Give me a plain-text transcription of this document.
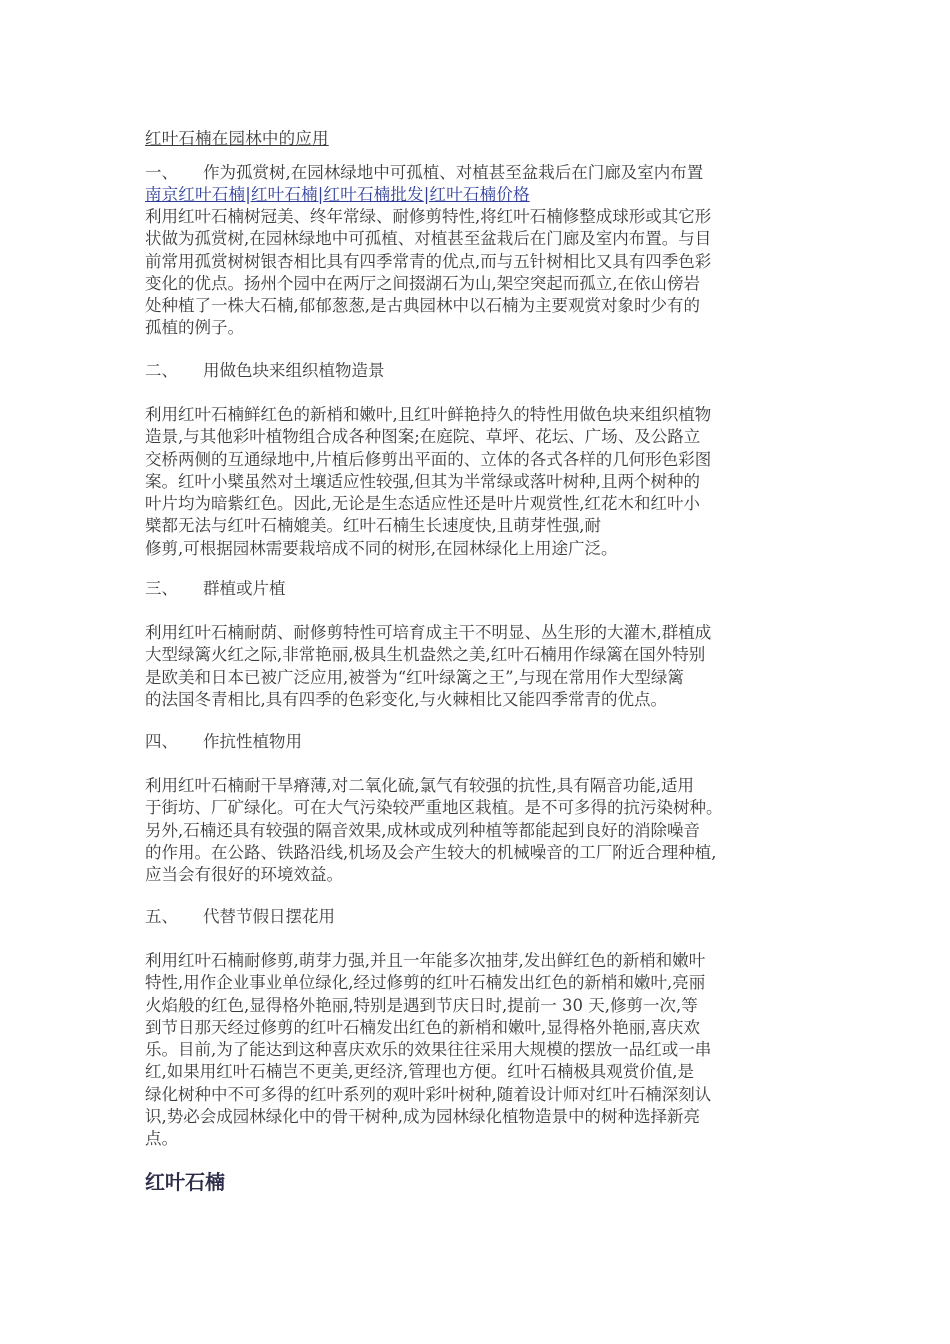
红叶石楠在园林中的应用
一、 作为孤赏树,在园林绿地中可孤植、对植甚至盆栽后在门廊及室内布置
南京红叶石楠|红叶石楠|红叶石楠批发|红叶石楠价格
利用红叶石楠树冠美、终年常绿、耐修剪特性,将红叶石楠修整成球形或其它形
状做为孤赏树,在园林绿地中可孤植、对植甚至盆栽后在门廊及室内布置。与目
前常用孤赏树树银杏相比具有四季常青的优点,而与五针树相比又具有四季色彩
变化的优点。扬州个园中在两厅之间掇湖石为山,架空突起而孤立,在依山傍岩
处种植了一株大石楠,郁郁葱葱,是古典园林中以石楠为主要观赏对象时少有的
孤植的例子。
二、 用做色块来组织植物造景
利用红叶石楠鲜红色的新梢和嫩叶,且红叶鲜艳持久的特性用做色块来组织植物
造景,与其他彩叶植物组合成各种图案;在庭院、草坪、花坛、广场、及公路立
交桥两侧的互通绿地中,片植后修剪出平面的、立体的各式各样的几何形色彩图
案。红叶小檗虽然对土壤适应性较强,但其为半常绿或落叶树种,且两个树种的
叶片均为暗紫红色。因此,无论是生态适应性还是叶片观赏性,红花木和红叶小
檗都无法与红叶石楠媲美。红叶石楠生长速度快,且萌芽性强,耐
修剪,可根据园林需要栽培成不同的树形,在园林绿化上用途广泛。
三、 群植或片植
利用红叶石楠耐荫、耐修剪特性可培育成主干不明显、丛生形的大灌木,群植成
大型绿篱火红之际,非常艳丽,极具生机盎然之美,红叶石楠用作绿篱在国外特别
是欧美和日本已被广泛应用,被誉为“红叶绿篱之王”,与现在常用作大型绿篱
的法国冬青相比,具有四季的色彩变化,与火棘相比又能四季常青的优点。
四、 作抗性植物用
利用红叶石楠耐干旱瘠薄,对二氧化硫,氯气有较强的抗性,具有隔音功能,适用
于街坊、厂矿绿化。可在大气污染较严重地区栽植。是不可多得的抗污染树种。
另外,石楠还具有较强的隔音效果,成林或成列种植等都能起到良好的消除噪音
的作用。在公路、铁路沿线,机场及会产生较大的机械噪音的工厂附近合理种植,
应当会有很好的环境效益。
五、 代替节假日摆花用
利用红叶石楠耐修剪,萌芽力强,并且一年能多次抽芽,发出鲜红色的新梢和嫩叶
特性,用作企业事业单位绿化,经过修剪的红叶石楠发出红色的新梢和嫩叶,亮丽
火焰般的红色,显得格外艳丽,特别是遇到节庆日时,提前一 30 天,修剪一次,等
到节日那天经过修剪的红叶石楠发出红色的新梢和嫩叶,显得格外艳丽,喜庆欢
乐。目前,为了能达到这种喜庆欢乐的效果往往采用大规模的摆放一品红或一串
红,如果用红叶石楠岂不更美,更经济,管理也方便。红叶石楠极具观赏价值,是
绿化树种中不可多得的红叶系列的观叶彩叶树种,随着设计师对红叶石楠深刻认
识,势必会成园林绿化中的骨干树种,成为园林绿化植物造景中的树种选择新亮
点。
红叶石楠
